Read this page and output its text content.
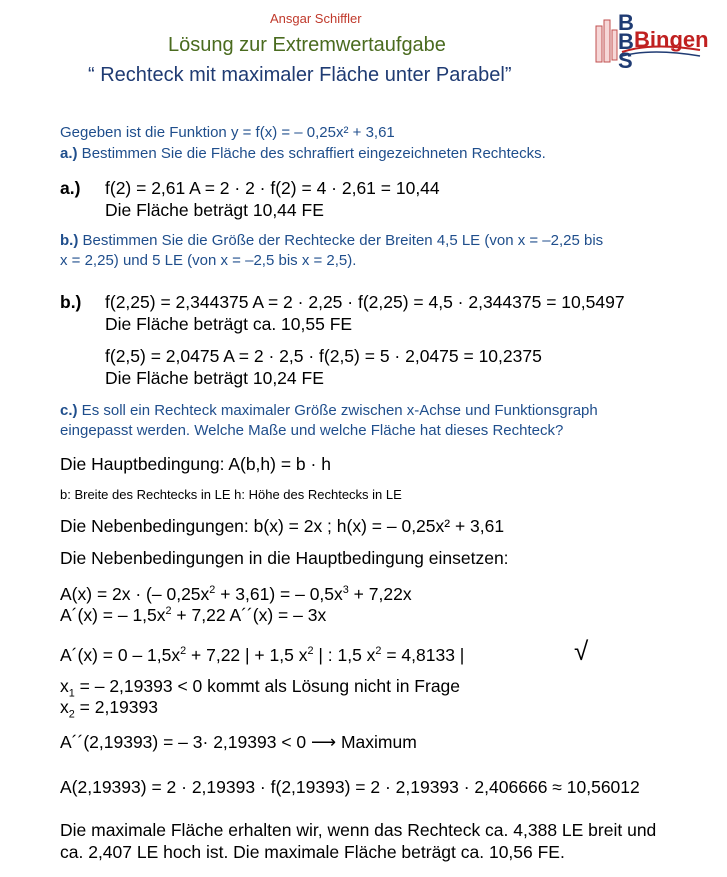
Ansgar Schiffler
Lösung zur Extremwertaufgabe
“ Rechteck mit maximaler Fläche unter Parabel”
B
B
S
Bingen
Gegeben ist die Funktion y = f(x) = – 0,25x² + 3,61
a.) Bestimmen Sie die Fläche des schraffiert eingezeichneten Rechtecks.
a.) f(2) = 2,61 A = 2 · 2 · f(2) = 4 · 2,61 = 10,44
Die Fläche beträgt 10,44 FE
b.) Bestimmen Sie die Größe der Rechtecke der Breiten 4,5 LE (von x = –2,25 bis
x = 2,25) und 5 LE (von x = –2,5 bis x = 2,5).
b.) f(2,25) = 2,344375 A = 2 · 2,25 · f(2,25) = 4,5 · 2,344375 = 10,5497
Die Fläche beträgt ca. 10,55 FE
f(2,5) = 2,0475 A = 2 · 2,5 · f(2,5) = 5 · 2,0475 = 10,2375
Die Fläche beträgt 10,24 FE
c.) Es soll ein Rechteck maximaler Größe zwischen x-Achse und Funktionsgraph
eingepasst werden. Welche Maße und welche Fläche hat dieses Rechteck?
Die Hauptbedingung: A(b,h) = b · h
b: Breite des Rechtecks in LE h: Höhe des Rechtecks in LE
Die Nebenbedingungen: b(x) = 2x ; h(x) = – 0,25x² + 3,61
Die Nebenbedingungen in die Hauptbedingung einsetzen:
A(x) = 2x · (– $0,25x^2 + 3,61$) = – $0,5x^3 + 7,22x$
A´(x) = – $1,5x^2 + 7,22$ A´´(x) = – 3x
A´(x) = $0 - 1,5x^2 + 7,22$ | + 1,5 $x^2$ | : 1,5 $x^2 = 4,8133$ |	√
$x_1$ = – 2,19393 < 0 kommt als Lösung nicht in Frage
$x_2 = 2,19393$
A´´(2,19393) = – 3· 2,19393 < 0 ⟶ Maximum
A(2,19393) = 2 · 2,19393 · f(2,19393) = 2 · 2,19393 · 2,406666 ≈ 10,56012
Die maximale Fläche erhalten wir, wenn das Rechteck ca. 4,388 LE breit und
ca. 2,407 LE hoch ist. Die maximale Fläche beträgt ca. 10,56 FE.
